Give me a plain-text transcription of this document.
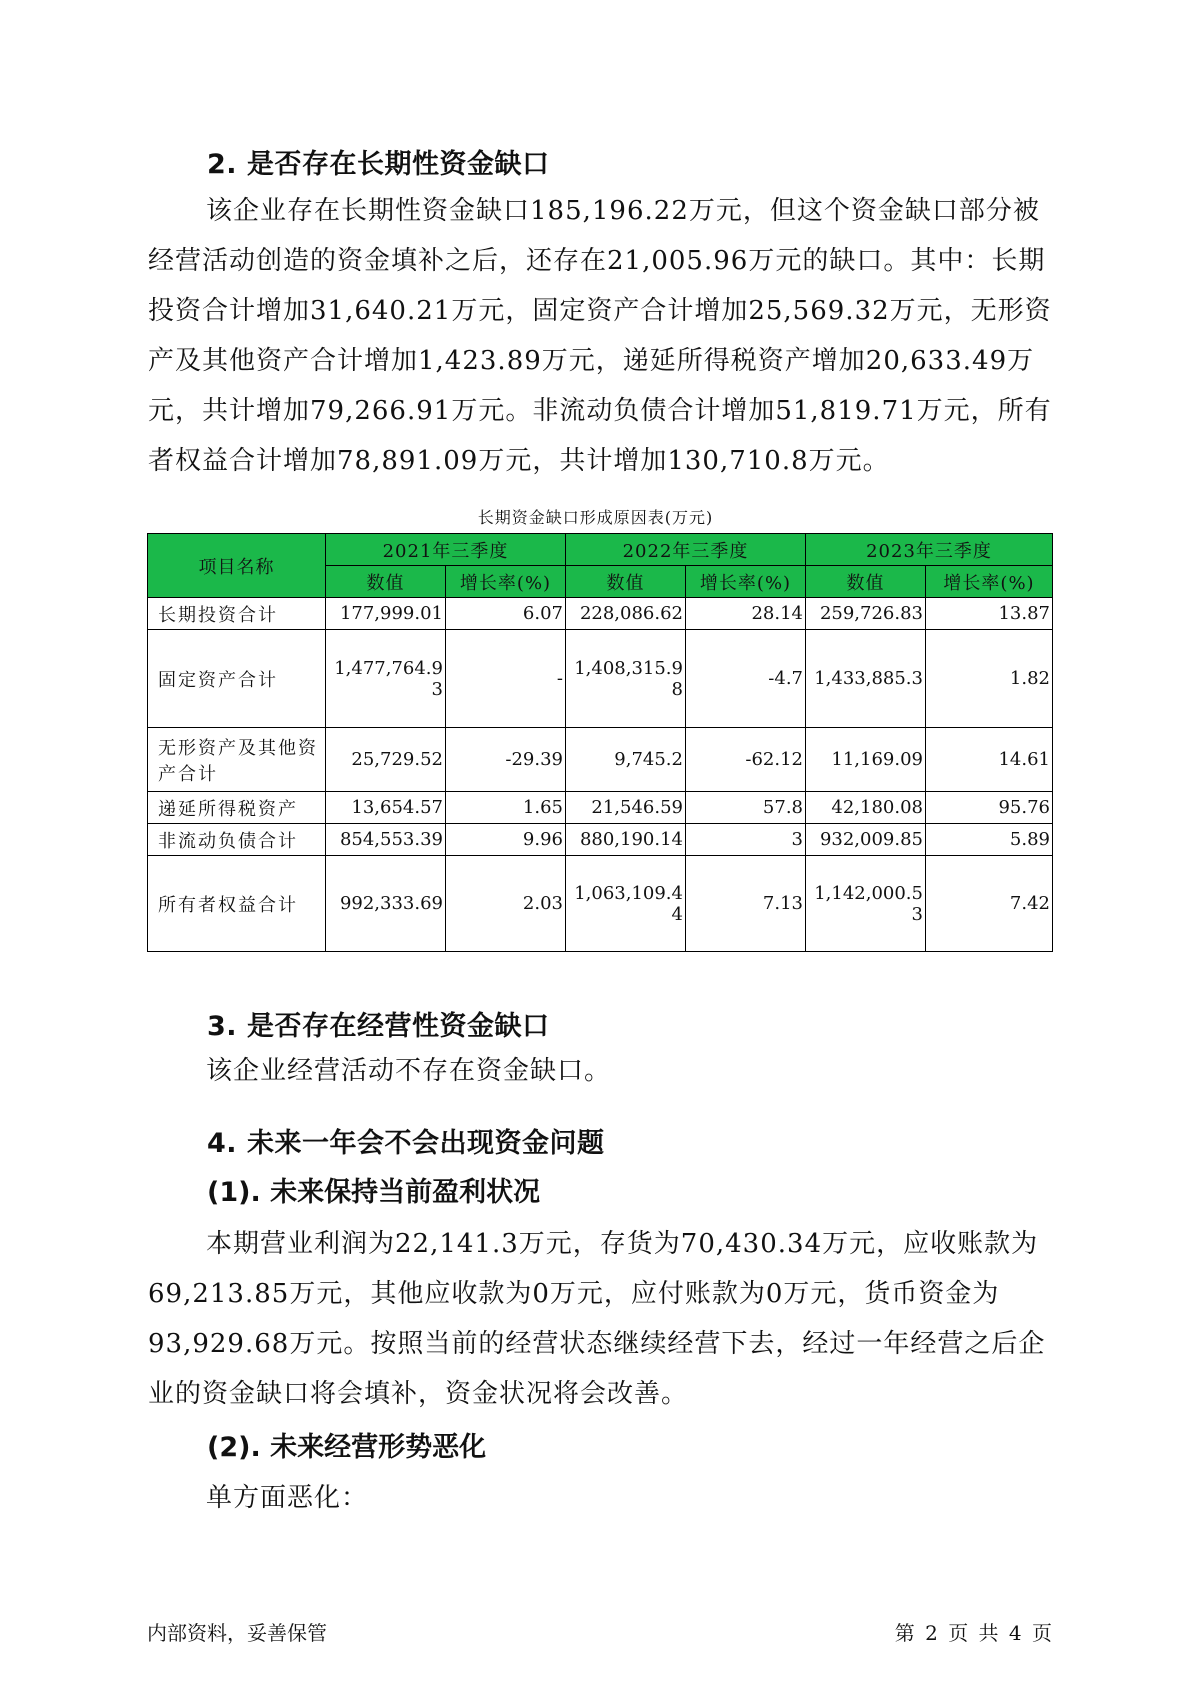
2. 是否存在长期性资金缺口

该企业存在长期性资金缺口185,196.22万元，但这个资金缺口部分被经营活动创造的资金填补之后，还存在21,005.96万元的缺口。其中：长期投资合计增加31,640.21万元，固定资产合计增加25,569.32万元，无形资产及其他资产合计增加1,423.89万元，递延所得税资产增加20,633.49万元，共计增加79,266.91万元。非流动负债合计增加51,819.71万元，所有者权益合计增加78,891.09万元，共计增加130,710.8万元。

长期资金缺口形成原因表(万元)
项目名称	2021年三季度		2022年三季度		2023年三季度	
	数值	增长率(%)	数值	增长率(%)	数值	增长率(%)
长期投资合计	177,999.01	6.07	228,086.62	28.14	259,726.83	13.87
固定资产合计	1,477,764.93	-	1,408,315.98	-4.7	1,433,885.3	1.82
无形资产及其他资产合计	25,729.52	-29.39	9,745.2	-62.12	11,169.09	14.61
递延所得税资产	13,654.57	1.65	21,546.59	57.8	42,180.08	95.76
非流动负债合计	854,553.39	9.96	880,190.14	3	932,009.85	5.89
所有者权益合计	992,333.69	2.03	1,063,109.44	7.13	1,142,000.53	7.42
3. 是否存在经营性资金缺口

该企业经营活动不存在资金缺口。

4. 未来一年会不会出现资金问题
(1). 未来保持当前盈利状况

本期营业利润为22,141.3万元，存货为70,430.34万元，应收账款为69,213.85万元，其他应收款为0万元，应付账款为0万元，货币资金为93,929.68万元。按照当前的经营状态继续经营下去，经过一年经营之后企业的资金缺口将会填补，资金状况将会改善。

(2). 未来经营形势恶化

单方面恶化：

内部资料，妥善保管	第 2 页 共 4 页
